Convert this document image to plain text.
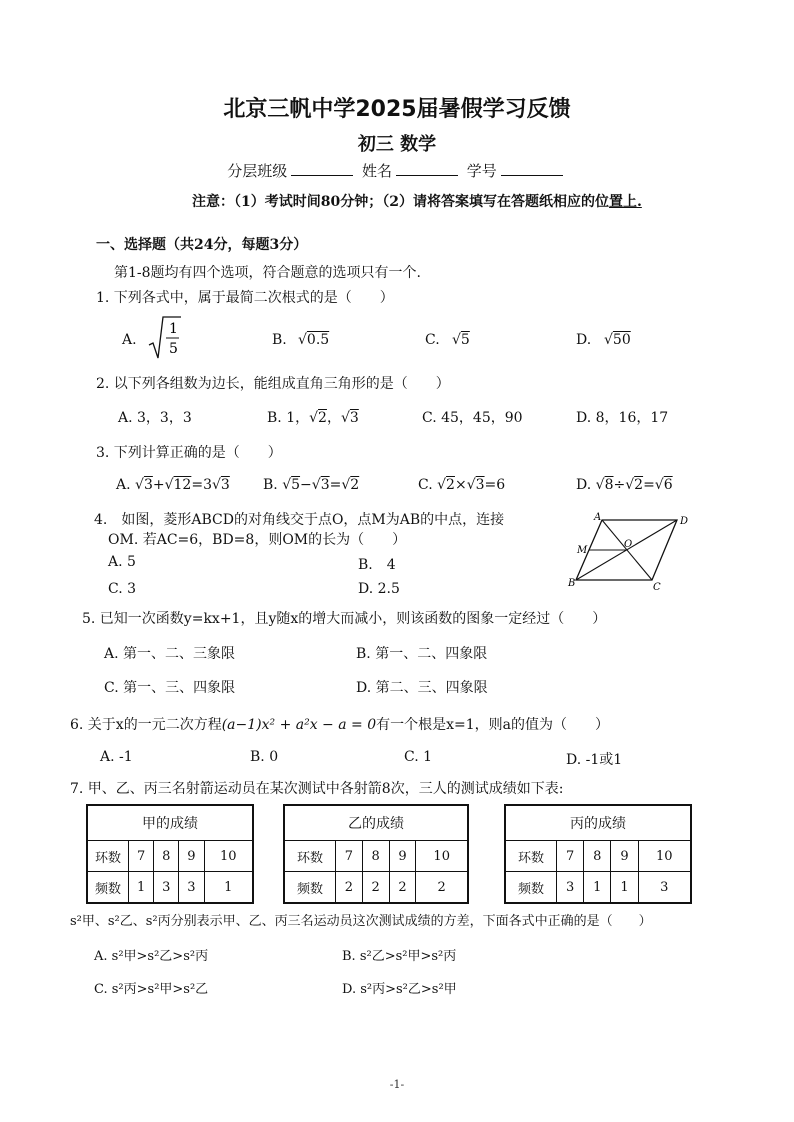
北京三帆中学2025届暑假学习反馈
初三 数学
分层班级	姓名	学号
注意：（1）考试时间80分钟；（2）请将答案填写在答题纸相应的位置上.
一、选择题（共24分，每题3分）
第1-8题均有四个选项，符合题意的选项只有一个.
1. 下列各式中，属于最简二次根式的是（　　）
A.
1
5
B. √0.5	C. √5	D. √50
2. 以下列各组数为边长，能组成直角三角形的是（　　）
A. 3，3，3	B. 1，√2，√3	C. 45，45，90	D. 8，16，17
3. 下列计算正确的是（　　）
A. √3+√12=3√3 B. √5−√3=√2	C. √2×√3=6	D. √8÷√2=√6
4.　如图，菱形ABCD的对角线交于点O，点M为AB的中点，连接
OM. 若AC=6，BD=8，则OM的长为（　　）
A. 5	B.　4
C. 3	D. 2.5
A	D
B	C
M
O
5. 已知一次函数y=kx+1，且y随x的增大而减小，则该函数的图象一定经过（　　）
A. 第一、二、三象限	B. 第一、二、四象限
C. 第一、三、四象限	D. 第二、三、四象限
6. 关于x的一元二次方程(a−1)x² + a²x − a = 0有一个根是x=1，则a的值为（　　）
A. -1	B. 0	C. 1	D. -1或1
7. 甲、乙、丙三名射箭运动员在某次测试中各射箭8次，三人的测试成绩如下表:
甲的成绩				
环数	7	8	9	10
频数	1	3	3	1
乙的成绩				
环数	7	8	9	10
频数	2	2	2	2
丙的成绩				
环数	7	8	9	10
频数	3	1	1	3
s²甲、s²乙、s²丙分别表示甲、乙、丙三名运动员这次测试成绩的方差，下面各式中正确的是（　　）
A. s²甲>s²乙>s²丙	B. s²乙>s²甲>s²丙
C. s²丙>s²甲>s²乙	D. s²丙>s²乙>s²甲
-1-
